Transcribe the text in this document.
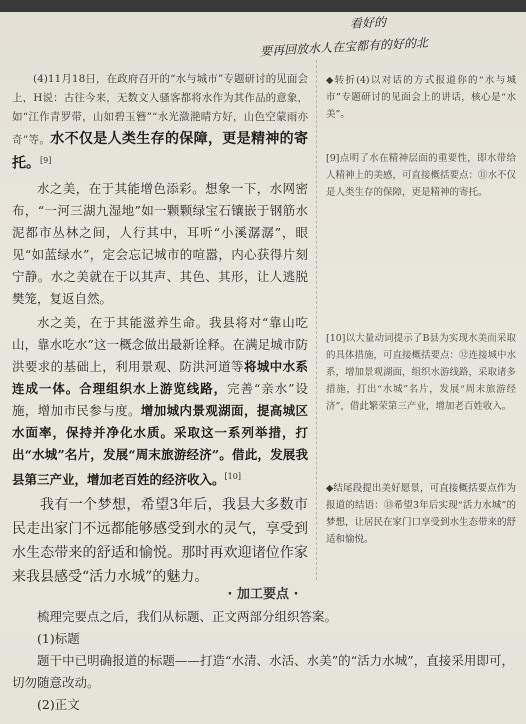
看好的
要再回放水人在宝都有的好的北

(4)11月18日，在政府召开的“水与城市”专题研讨的见面会上，H说：古往今来，无数文人骚客都将水作为其作品的意象，如“江作青罗带，山如碧玉簪”“水光潋滟晴方好，山色空蒙雨亦奇”等。水不仅是人类生存的保障，更是精神的寄托。[9]

水之美，在于其能增色添彩。想象一下，水网密布，“一河三湖九湿地”如一颗颗绿宝石镶嵌于钢筋水泥都市丛林之间，人行其中，耳听“小溪潺潺”，眼见“如蓝绿水”，定会忘记城市的喧嚣，内心获得片刻宁静。水之美就在于以其声、其色、其形，让人逃脱樊笼，复返自然。

水之美，在于其能滋养生命。我县将对“靠山吃山，靠水吃水”这一概念做出最新诠释。在满足城市防洪要求的基础上，利用景观、防洪河道等将城中水系连成一体。合理组织水上游览线路，完善“亲水”设施，增加市民参与度。增加城内景观湖面，提高城区水面率，保持并净化水质。采取这一系列举措，打出“水城”名片，发展“周末旅游经济”。借此，发展我县第三产业，增加老百姓的经济收入。[10]

我有一个梦想，希望3年后，我县大多数市民走出家门不远都能够感受到水的灵气，享受到水生态带来的舒适和愉悦。那时再欢迎诸位作家来我县感受“活力水城”的魅力。

◆转折(4)以对话的方式报道你的“水与城市”专题研讨的见面会上的讲话，核心是“水美”。

[9]点明了水在精神层面的重要性，即水带给人精神上的美感，可直接概括要点：⑪水不仅是人类生存的保障，更是精神的寄托。

[10]以大量动词提示了B县为实现水美而采取的具体措施，可直接概括要点：⑫连接城中水系，增加景观湖面，组织水游线路，采取诸多措施，打出“水城”名片，发展“周末旅游经济”，借此繁荣第三产业，增加老百姓收入。

◆结尾段提出美好愿景，可直接概括要点作为报道的结语：⑬希望3年后实现“活力水城”的梦想，让居民在家门口享受到水生态带来的舒适和愉悦。

· 加工要点 ·

梳理完要点之后，我们从标题、正文两部分组织答案。

(1)标题

题干中已明确报道的标题——打造“水清、水活、水美”的“活力水城”，直接采用即可，切勿随意改动。

(2)正文
